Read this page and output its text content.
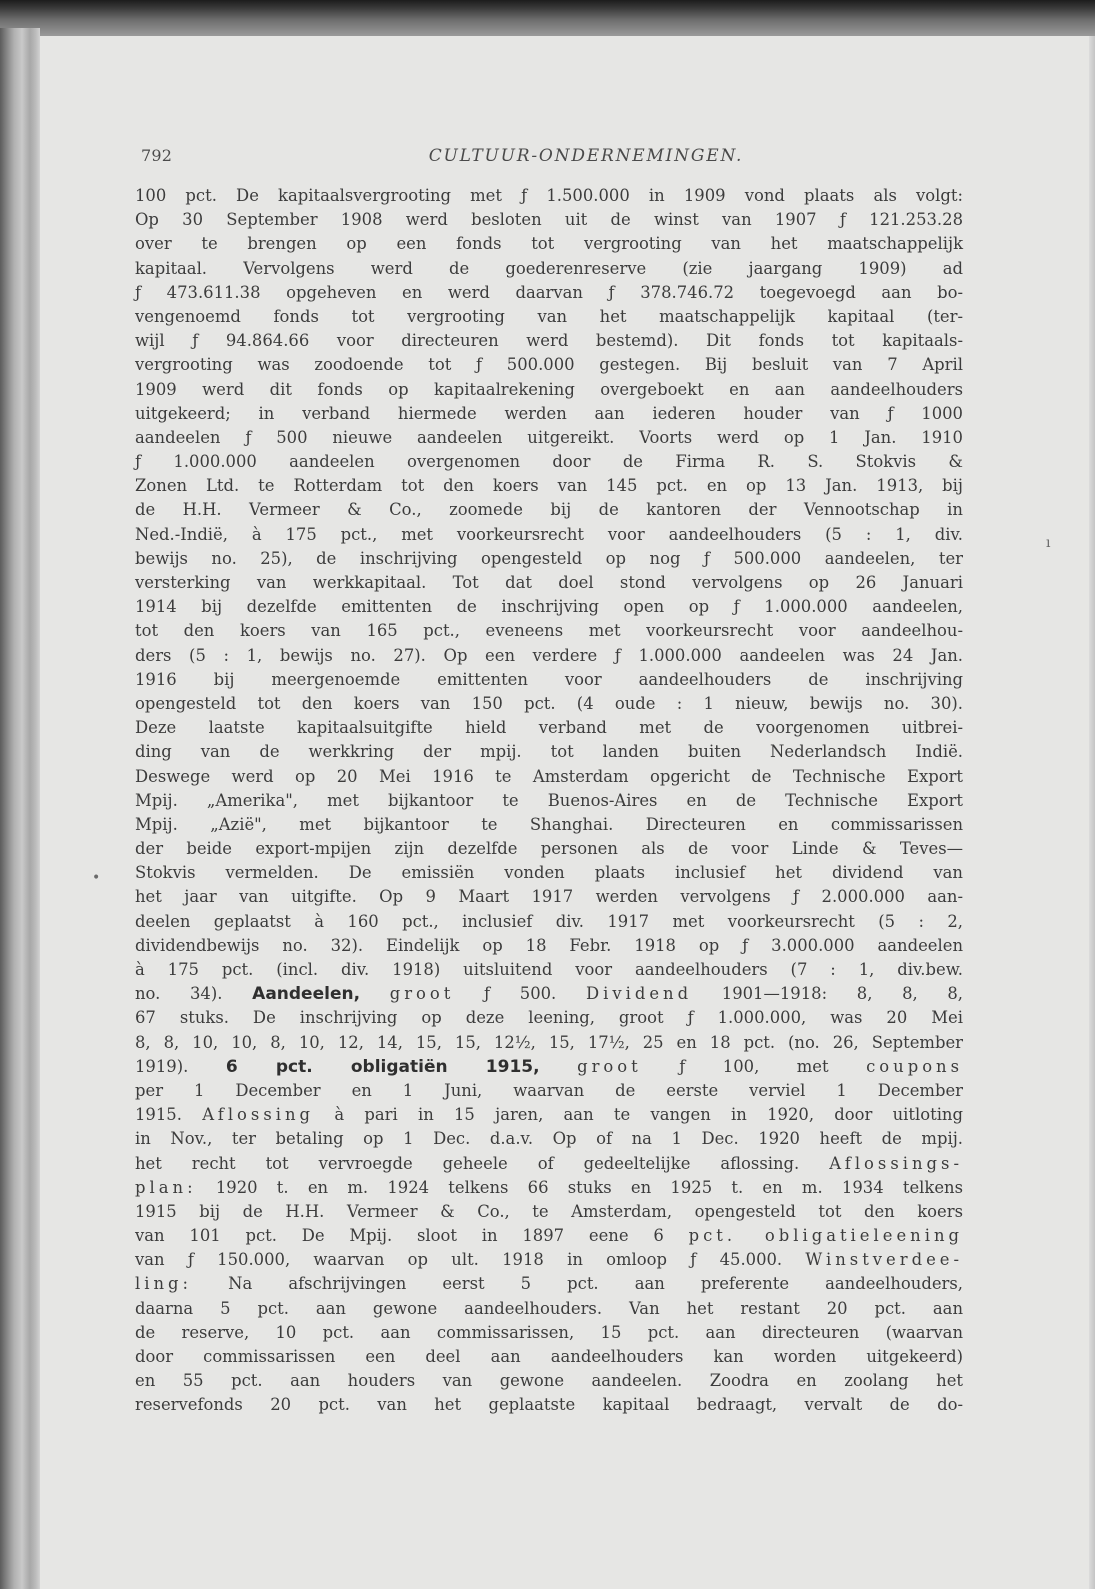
792	CULTUUR-ONDERNEMINGEN.
ı
•
100 pct. De kapitaalsvergrooting met ƒ 1.500.000 in 1909 vond plaats als volgt:
Op 30 September 1908 werd besloten uit de winst van 1907 ƒ 121.253.28
over te brengen op een fonds tot vergrooting van het maatschappelijk
kapitaal. Vervolgens werd de goederenreserve (zie jaargang 1909) ad
ƒ 473.611.38 opgeheven en werd daarvan ƒ 378.746.72 toegevoegd aan bo-
vengenoemd fonds tot vergrooting van het maatschappelijk kapitaal (ter-
wijl ƒ 94.864.66 voor directeuren werd bestemd). Dit fonds tot kapitaals-
vergrooting was zoodoende tot ƒ 500.000 gestegen. Bij besluit van 7 April
1909 werd dit fonds op kapitaalrekening overgeboekt en aan aandeelhouders
uitgekeerd; in verband hiermede werden aan iederen houder van ƒ 1000
aandeelen ƒ 500 nieuwe aandeelen uitgereikt. Voorts werd op 1 Jan. 1910
ƒ 1.000.000 aandeelen overgenomen door de Firma R. S. Stokvis &
Zonen Ltd. te Rotterdam tot den koers van 145 pct. en op 13 Jan. 1913, bij
de H.H. Vermeer & Co., zoomede bij de kantoren der Vennootschap in
Ned.-Indië, à 175 pct., met voorkeursrecht voor aandeelhouders (5 : 1, div.
bewijs no. 25), de inschrijving opengesteld op nog ƒ 500.000 aandeelen, ter
versterking van werkkapitaal. Tot dat doel stond vervolgens op 26 Januari
1914 bij dezelfde emittenten de inschrijving open op ƒ 1.000.000 aandeelen,
tot den koers van 165 pct., eveneens met voorkeursrecht voor aandeelhou-
ders (5 : 1, bewijs no. 27). Op een verdere ƒ 1.000.000 aandeelen was 24 Jan.
1916 bij meergenoemde emittenten voor aandeelhouders de inschrijving
opengesteld tot den koers van 150 pct. (4 oude : 1 nieuw, bewijs no. 30).
Deze laatste kapitaalsuitgifte hield verband met de voorgenomen uitbrei-
ding van de werkkring der mpij. tot landen buiten Nederlandsch Indië.
Deswege werd op 20 Mei 1916 te Amsterdam opgericht de Technische Export
Mpij. „Amerika", met bijkantoor te Buenos-Aires en de Technische Export
Mpij. „Azië", met bijkantoor te Shanghai. Directeuren en commissarissen
der beide export-mpijen zijn dezelfde personen als de voor Linde & Teves—
Stokvis vermelden. De emissiën vonden plaats inclusief het dividend van
het jaar van uitgifte. Op 9 Maart 1917 werden vervolgens ƒ 2.000.000 aan-
deelen geplaatst à 160 pct., inclusief div. 1917 met voorkeursrecht (5 : 2,
dividendbewijs no. 32). Eindelijk op 18 Febr. 1918 op ƒ 3.000.000 aandeelen
à 175 pct. (incl. div. 1918) uitsluitend voor aandeelhouders (7 : 1, div.bew.
no. 34). Aandeelen, groot ƒ 500. Dividend 1901—1918: 8, 8, 8,
67 stuks. De inschrijving op deze leening, groot ƒ 1.000.000, was 20 Mei
8, 8, 10, 10, 8, 10, 12, 14, 15, 15, 12½, 15, 17½, 25 en 18 pct. (no. 26, September
1919). 6 pct. obligatiën 1915, groot ƒ 100, met coupons
per 1 December en 1 Juni, waarvan de eerste verviel 1 December
1915. Aflossing à pari in 15 jaren, aan te vangen in 1920, door uitloting
in Nov., ter betaling op 1 Dec. d.a.v. Op of na 1 Dec. 1920 heeft de mpij.
het recht tot vervroegde geheele of gedeeltelijke aflossing. Aflossings-
plan: 1920 t. en m. 1924 telkens 66 stuks en 1925 t. en m. 1934 telkens
1915 bij de H.H. Vermeer & Co., te Amsterdam, opengesteld tot den koers
van 101 pct. De Mpij. sloot in 1897 eene 6 pct. obligatieleening
van ƒ 150.000, waarvan op ult. 1918 in omloop ƒ 45.000. Winstverdee-
ling: Na afschrijvingen eerst 5 pct. aan preferente aandeelhouders,
daarna 5 pct. aan gewone aandeelhouders. Van het restant 20 pct. aan
de reserve, 10 pct. aan commissarissen, 15 pct. aan directeuren (waarvan
door commissarissen een deel aan aandeelhouders kan worden uitgekeerd)
en 55 pct. aan houders van gewone aandeelen. Zoodra en zoolang het
reservefonds 20 pct. van het geplaatste kapitaal bedraagt, vervalt de do-
